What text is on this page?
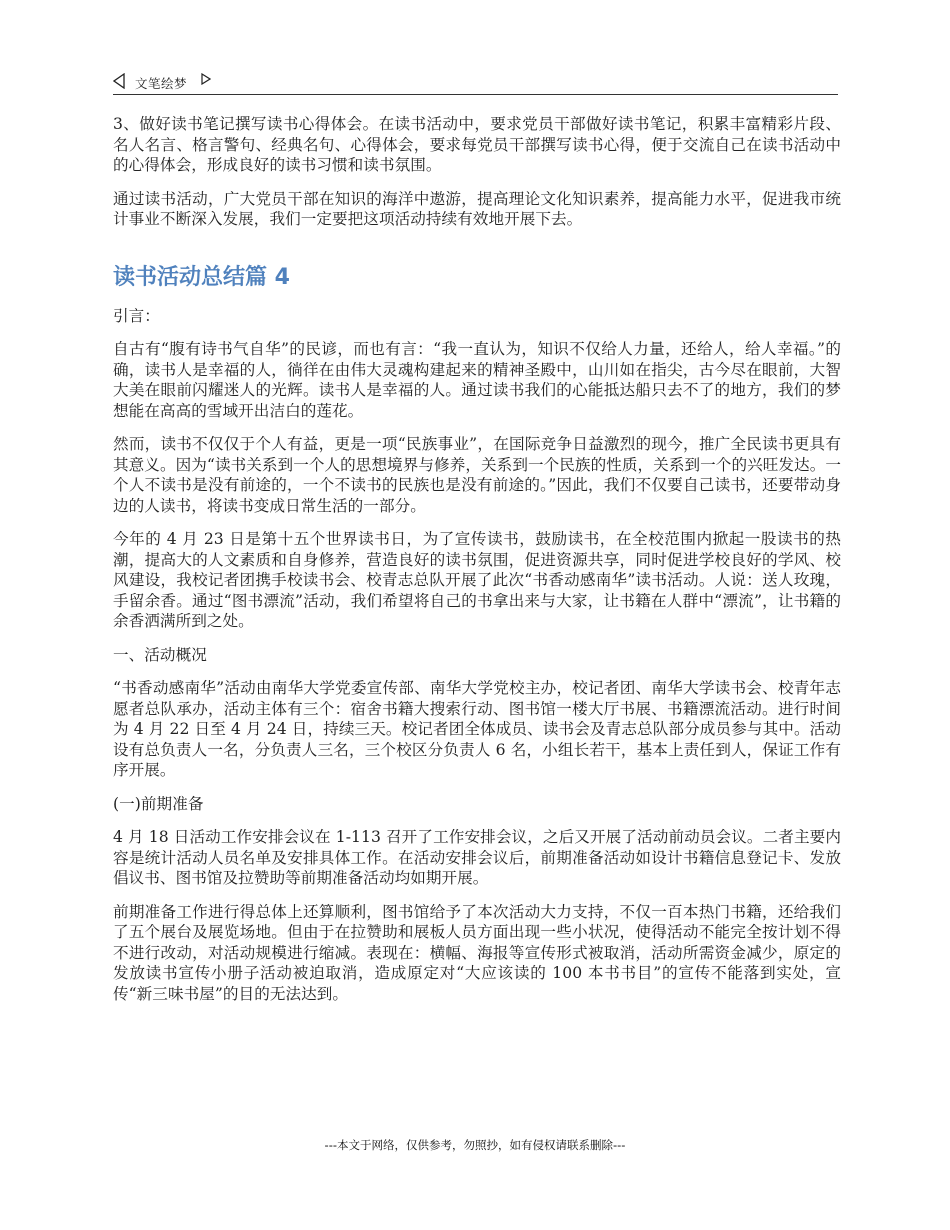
文笔绘梦

3、做好读书笔记撰写读书心得体会。在读书活动中，要求党员干部做好读书笔记，积累丰富精彩片段、名人名言、格言警句、经典名句、心得体会，要求每党员干部撰写读书心得，便于交流自己在读书活动中的心得体会，形成良好的读书习惯和读书氛围。

通过读书活动，广大党员干部在知识的海洋中遨游，提高理论文化知识素养，提高能力水平，促进我市统计事业不断深入发展，我们一定要把这项活动持续有效地开展下去。

读书活动总结篇 4

引言：

自古有“腹有诗书气自华”的民谚，而也有言：“我一直认为，知识不仅给人力量，还给人，给人幸福。”的确，读书人是幸福的人，徜徉在由伟大灵魂构建起来的精神圣殿中，山川如在指尖，古今尽在眼前，大智大美在眼前闪耀迷人的光辉。读书人是幸福的人。通过读书我们的心能抵达船只去不了的地方，我们的梦想能在高高的雪域开出洁白的莲花。

然而，读书不仅仅于个人有益，更是一项“民族事业”，在国际竞争日益激烈的现今，推广全民读书更具有其意义。因为“读书关系到一个人的思想境界与修养，关系到一个民族的性质，关系到一个的兴旺发达。一个人不读书是没有前途的，一个不读书的民族也是没有前途的。”因此，我们不仅要自己读书，还要带动身边的人读书，将读书变成日常生活的一部分。

今年的 4 月 23 日是第十五个世界读书日，为了宣传读书，鼓励读书，在全校范围内掀起一股读书的热潮，提高大的人文素质和自身修养，营造良好的读书氛围，促进资源共享，同时促进学校良好的学风、校风建设，我校记者团携手校读书会、校青志总队开展了此次“书香动感南华”读书活动。人说：送人玫瑰，手留余香。通过“图书漂流”活动，我们希望将自己的书拿出来与大家，让书籍在人群中“漂流”，让书籍的余香洒满所到之处。

一、活动概况

“书香动感南华”活动由南华大学党委宣传部、南华大学党校主办，校记者团、南华大学读书会、校青年志愿者总队承办，活动主体有三个：宿舍书籍大搜索行动、图书馆一楼大厅书展、书籍漂流活动。进行时间为 4 月 22 日至 4 月 24 日，持续三天。校记者团全体成员、读书会及青志总队部分成员参与其中。活动设有总负责人一名，分负责人三名，三个校区分负责人 6 名，小组长若干，基本上责任到人，保证工作有序开展。

(一)前期准备

4 月 18 日活动工作安排会议在 1-113 召开了工作安排会议，之后又开展了活动前动员会议。二者主要内容是统计活动人员名单及安排具体工作。在活动安排会议后，前期准备活动如设计书籍信息登记卡、发放倡议书、图书馆及拉赞助等前期准备活动均如期开展。

前期准备工作进行得总体上还算顺利，图书馆给予了本次活动大力支持，不仅一百本热门书籍，还给我们了五个展台及展览场地。但由于在拉赞助和展板人员方面出现一些小状况，使得活动不能完全按计划不得不进行改动，对活动规模进行缩减。表现在：横幅、海报等宣传形式被取消，活动所需资金减少，原定的发放读书宣传小册子活动被迫取消，造成原定对“大应该读的 100 本书书目”的宣传不能落到实处，宣传“新三味书屋”的目的无法达到。

---本文于网络，仅供参考，勿照抄，如有侵权请联系删除---
